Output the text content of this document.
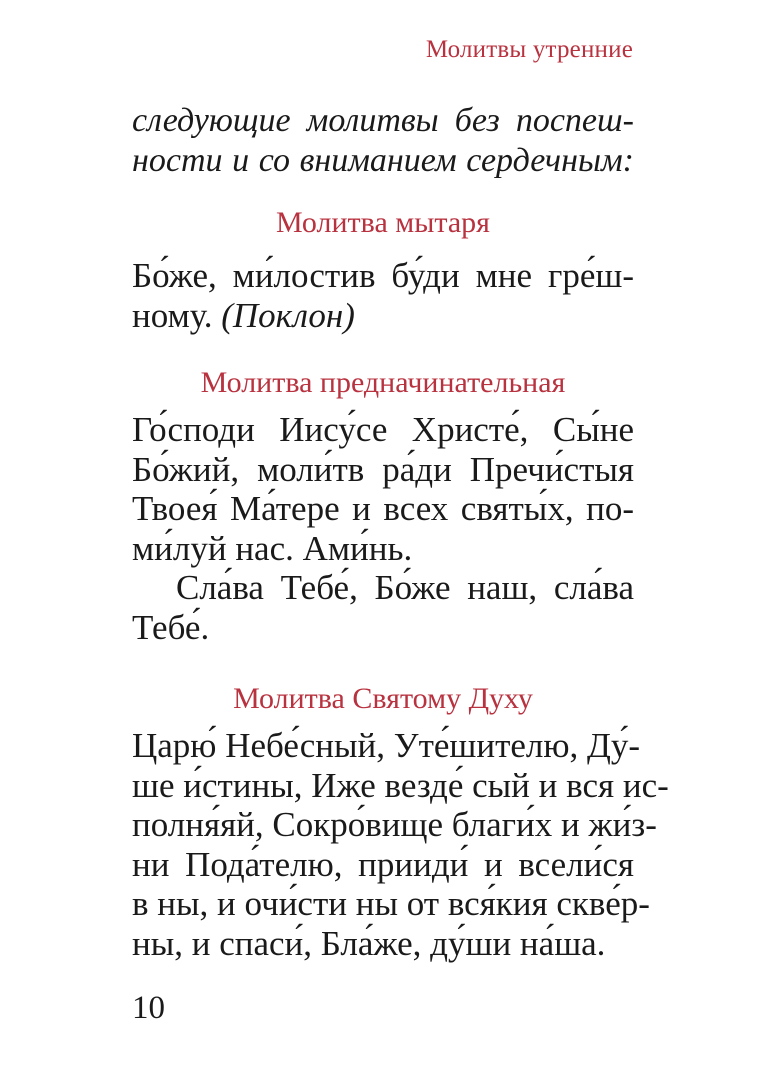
Молитвы утренние
следующие молитвы без поспеш-
ности и со вниманием сердечным:
Молитва мытаря
Бо́же, ми́лостив бу́ди мне гре́ш-
ному. (Поклон)
Молитва предначинательная
Го́споди Иису́се Христе́, Сы́не
Бо́жий, моли́тв ра́ди Пречи́стыя
Твоея́ Ма́тере и всех святы́х, по-
ми́луй нас. Ами́нь.
Сла́ва Тебе́, Бо́же наш, сла́ва
Тебе́.
Молитва Святому Духу
Царю́ Небе́сный, Уте́шителю, Ду́-
ше и́стины, Иже везде́ сый и вся ис-
полня́яй, Сокро́вище благи́х и жи́з-
ни Пода́телю, прииди́ и всели́ся
в ны, и очи́сти ны от вся́кия скве́р-
ны, и спаси́, Бла́же, ду́ши на́ша.
10
